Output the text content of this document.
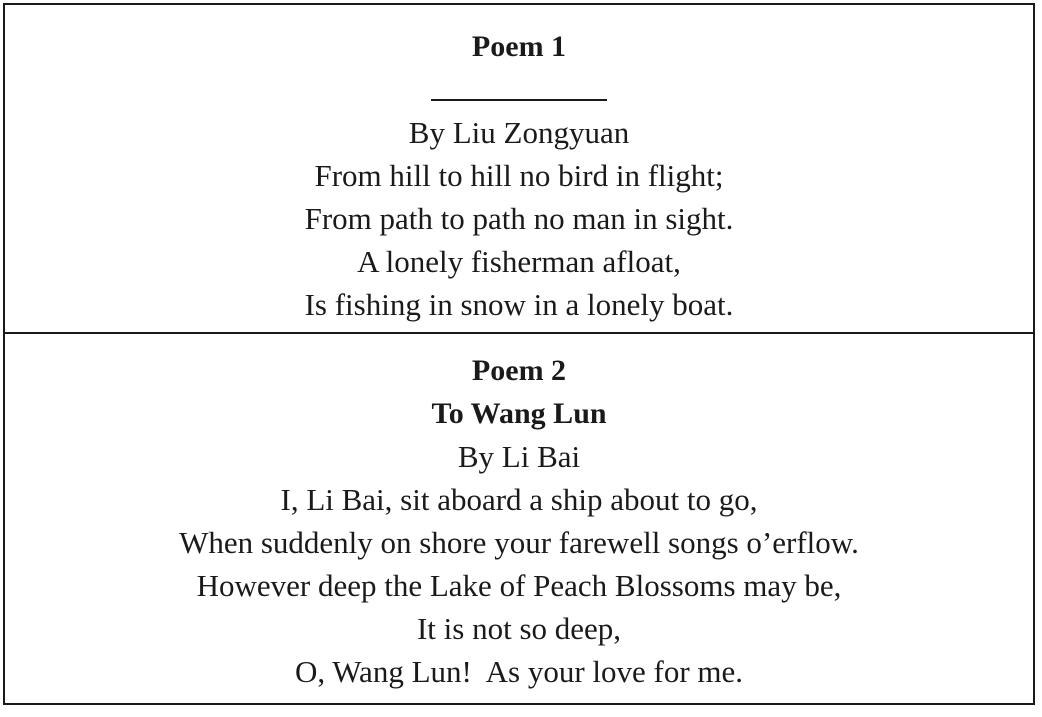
Poem 1
By Liu Zongyuan
From hill to hill no bird in flight;
From path to path no man in sight.
A lonely fisherman afloat,
Is fishing in snow in a lonely boat.
Poem 2
To Wang Lun
By Li Bai
I, Li Bai, sit aboard a ship about to go,
When suddenly on shore your farewell songs o’erflow.
However deep the Lake of Peach Blossoms may be,
It is not so deep,
O, Wang Lun!  As your love for me.
